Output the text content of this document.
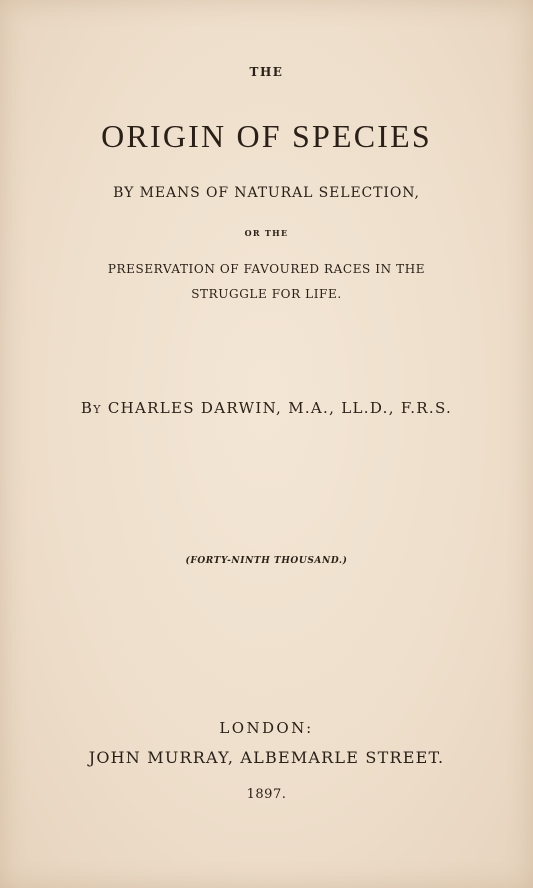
THE
ORIGIN OF SPECIES
BY MEANS OF NATURAL SELECTION,
OR THE
PRESERVATION OF FAVOURED RACES IN THE
STRUGGLE FOR LIFE.
By CHARLES DARWIN, M.A., LL.D., F.R.S.
(FORTY-NINTH THOUSAND.)
LONDON:
JOHN MURRAY, ALBEMARLE STREET.
1897.
